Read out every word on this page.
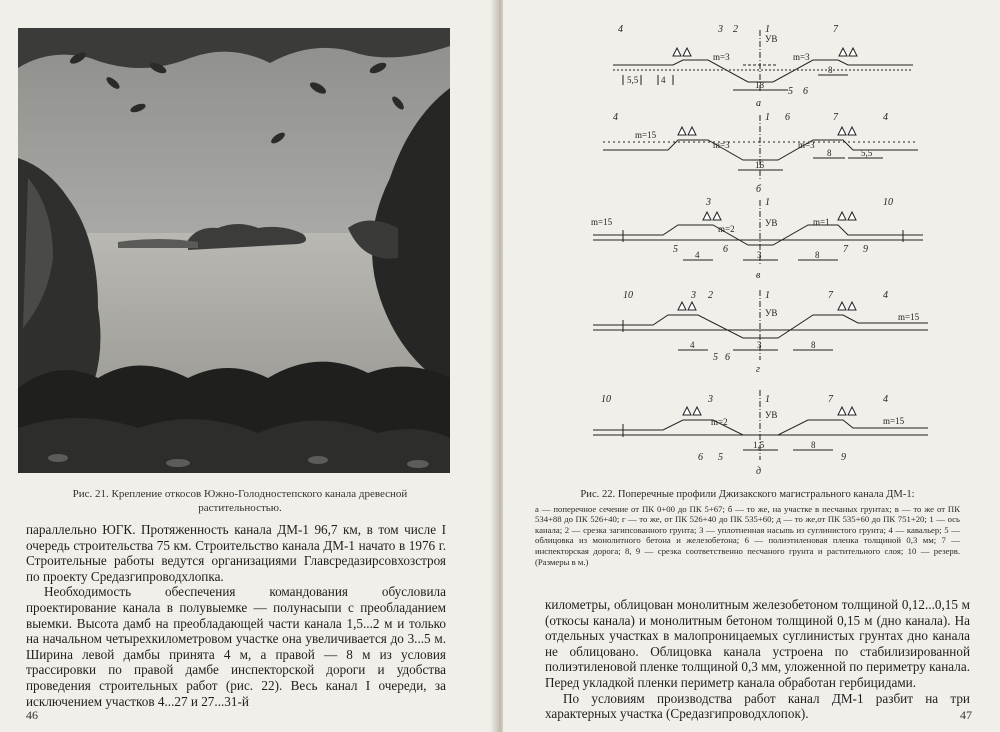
Рис. 21. Крепление откосов Южно-Голодностепского канала древесной растительностью.

параллельно ЮГК. Протяженность канала ДМ-1 96,7 км, в том числе I очередь строительства 75 км. Строительство канала ДМ-1 начато в 1976 г. Строительные работы ведутся организациями Главсредазирсовхозстроя по проекту Средазгипроводхлопка.

Необходимость обеспечения командования обусловила проектирование канала в полувыемке — полунасыпи с преобладанием выемки. Высота дамб на преобладающей части канала 1,5...2 м и только на начальном четырехкилометровом участке она увеличивается до 3...5 м. Ширина левой дамбы принята 4 м, а правой — 8 м из условия трассировки по правой дамбе инспекторской дороги и удобства проведения строительных работ (рис. 22). Весь канал I очереди, за исключением участков 4...27 и 27...31-й

46
а
б
в
г
д
УВ
УВ
УВ
УВ
m=3	m=3
m=15
m=3	m=3
m=15
m=2
m=1
m=15
m=2	m=15
18
16
3
3
1,5
5,5	4
8
8	5,5
4	8
4	8
8
4	3 2	1	7
5 6
4	1 6	7	4
3	1	10
5	6	7 9
10	3 2	1	7	4
5 6
10	3	1	7	4
6 5	9
Рис. 22. Поперечные профили Джизакского магистрального канала ДМ-1:
а — поперечное сечение от ПК 0+00 до ПК 5+67; б — то же, на участке в песчаных грунтах; в — то же от ПК 534+88 до ПК 526+40; г — то же, от ПК 526+40 до ПК 535+60; д — то же,от ПК 535+60 до ПК 751+20; 1 — ось канала; 2 — срезка загипсованного грунта; 3 — уплотненная насыпь из суглинистого грунта; 4 — кавальер; 5 — облицовка из монолитного бетона и железобетона; 6 — полиэтиленовая пленка толщиной 0,3 мм; 7 — инспекторская дорога; 8, 9 — срезка соответственно песчаного грунта и растительного слоя; 10 — резерв. (Размеры в м.)

километры, облицован монолитным железобетоном толщиной 0,12...0,15 м (откосы канала) и монолитным бетоном толщиной 0,15 м (дно канала). На отдельных участках в малопроницаемых суглинистых грунтах дно канала не облицовано. Облицовка канала устроена по стабилизированной полиэтиленовой пленке толщиной 0,3 мм, уложенной по периметру канала. Перед укладкой пленки периметр канала обработан гербицидами.

По условиям производства работ канал ДМ-1 разбит на три характерных участка (Средазгипроводхлопок).	47
